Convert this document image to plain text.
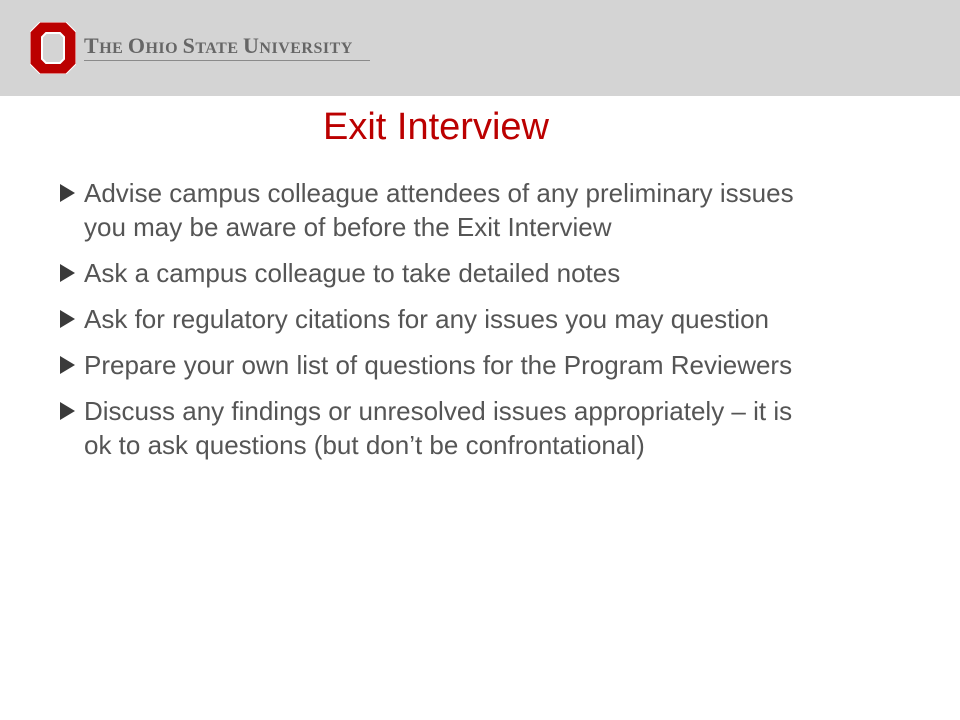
THE OHIO STATE UNIVERSITY
Exit Interview
Advise campus colleague attendees of any preliminary issues you may be aware of before the Exit Interview
Ask a campus colleague to take detailed notes
Ask for regulatory citations for any issues you may question
Prepare your own list of questions for the Program Reviewers
Discuss any findings or unresolved issues appropriately – it is ok to ask questions (but don’t be confrontational)
